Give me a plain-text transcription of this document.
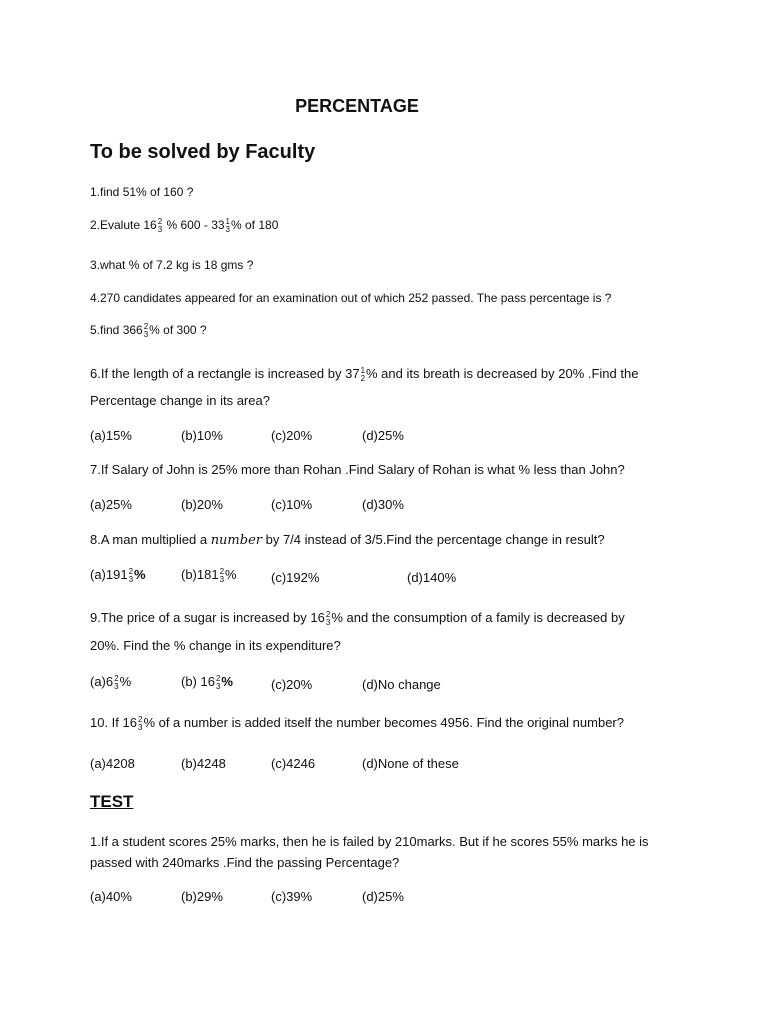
PERCENTAGE
To be solved by Faculty
1.find 51% of 160 ?
2.Evalute 16 2
3 % 600 - 33 1
3 % of 180
3.what % of 7.2 kg is 18 gms ?
4.270 candidates appeared for an examination out of which 252 passed. The pass percentage is ?
5.find 366 2
3 % of 300 ?
6.If the length of a rectangle is increased by 37 1
2 % and its breath is decreased by 20% .Find the
Percentage change in its area?
(a)15%	(b)10%	(c)20%	(d)25%
7.If Salary of John is 25% more than Rohan .Find Salary of Rohan is what % less than John?
(a)25%	(b)20%	(c)10%	(d)30%
8.A man multiplied a number by 7/4 instead of 3/5.Find the percentage change in result?
(a)191 2
3 %	(b)181 2
3 %	(c)192%	(d)140%
9.The price of a sugar is increased by 16 2
3 % and the consumption of a family is decreased by
20%. Find the % change in its expenditure?
(a)6 2
3 %	(b) 16 2
3 %	(c)20%	(d)No change
10. If 16 2
3 % of a number is added itself the number becomes 4956. Find the original number?
(a)4208	(b)4248	(c)4246	(d)None of these
TEST
1.If a student scores 25% marks, then he is failed by 210marks. But if he scores 55% marks he is
passed with 240marks .Find the passing Percentage?
(a)40%	(b)29%	(c)39%	(d)25%
